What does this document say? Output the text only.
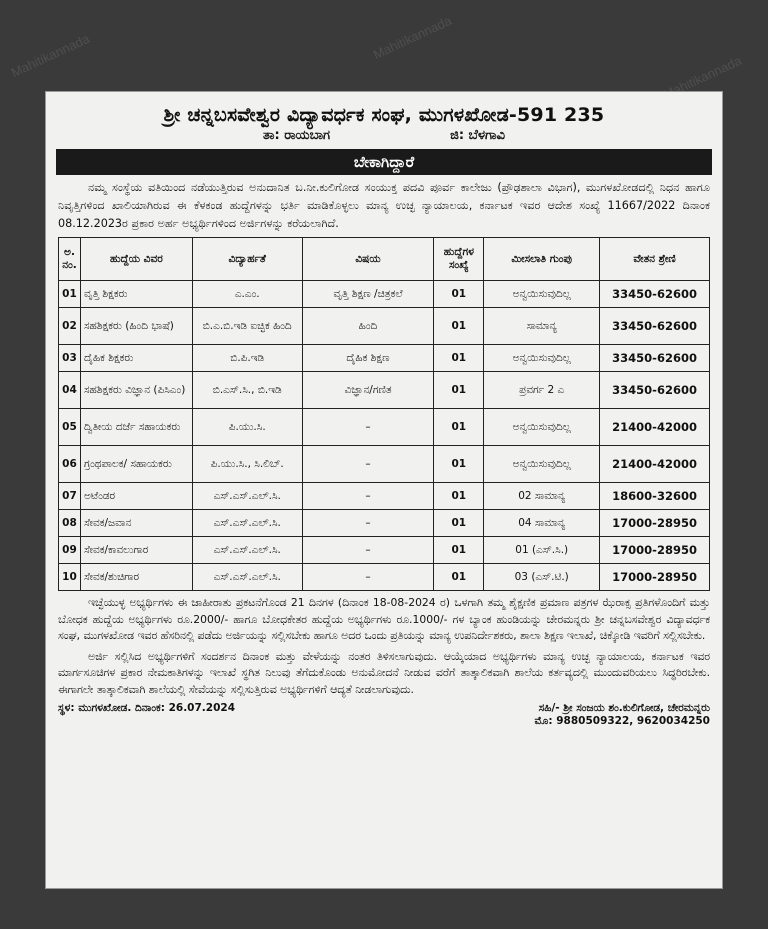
Mahitikannada	Mahitikannada
Mahitikannada
ಶ್ರೀ ಚನ್ನಬಸವೇಶ್ವರ ವಿದ್ಯಾವರ್ಧಕ ಸಂಘ, ಮುಗಳಖೋಡ-591 235
ತಾ: ರಾಯಬಾಗ	ಜಿ: ಬೆಳಗಾವಿ
ಬೇಕಾಗಿದ್ದಾರೆ
ನಮ್ಮ ಸಂಸ್ಥೆಯ ವತಿಯಿಂದ ನಡೆಯುತ್ತಿರುವ ಅನುದಾನಿತ ಬ.ನೀ.ಕುಲಿಗೋಡ ಸಂಯುಕ್ತ ಪದವಿ ಪೂರ್ವ ಕಾಲೇಜು (ಪ್ರೌಢಶಾಲಾ ವಿಭಾಗ), ಮುಗಳಖೋಡದಲ್ಲಿ ನಿಧನ ಹಾಗೂ ನಿವೃತ್ತಿಗಳಿಂದ ಖಾಲಿಯಾಗಿರುವ ಈ ಕೆಳಕಂಡ ಹುದ್ದೆಗಳನ್ನು ಭರ್ತಿ ಮಾಡಿಕೊಳ್ಳಲು ಮಾನ್ಯ ಉಚ್ಛ ನ್ಯಾಯಾಲಯ, ಕರ್ನಾಟಕ ಇವರ ಆದೇಶ ಸಂಖ್ಯೆ 11667/2022 ದಿನಾಂಕ 08.12.2023ರ ಪ್ರಕಾರ ಅರ್ಹ ಅಭ್ಯರ್ಥಿಗಳಿಂದ ಅರ್ಜಿಗಳನ್ನು ಕರೆಯಲಾಗಿದೆ.
ಅ. ನಂ.	ಹುದ್ದೆಯ ವಿವರ	ವಿದ್ಯಾರ್ಹತೆ	ವಿಷಯ	ಹುದ್ದೆಗಳ ಸಂಖ್ಯೆ	ಮೀಸಲಾತಿ ಗುಂಪು	ವೇತನ ಶ್ರೇಣಿ
01	ವೃತ್ತಿ ಶಿಕ್ಷಕರು	ಎ.ಎಂ.	ವೃತ್ತಿ ಶಿಕ್ಷಣ /ಚಿತ್ರಕಲೆ	01	ಅನ್ವಯಿಸುವುದಿಲ್ಲ	33450-62600
02	ಸಹಶಿಕ್ಷಕರು (ಹಿಂದಿ ಭಾಷೆ)	ಬಿ.ಎ.ಬಿ.ಇಡಿ ಐಚ್ಛಿಕ ಹಿಂದಿ	ಹಿಂದಿ	01	ಸಾಮಾನ್ಯ	33450-62600
03	ದೈಹಿಕ ಶಿಕ್ಷಕರು	ಬಿ.ಪಿ.ಇಡಿ	ದೈಹಿಕ ಶಿಕ್ಷಣ	01	ಅನ್ವಯಿಸುವುದಿಲ್ಲ	33450-62600
04	ಸಹಶಿಕ್ಷಕರು ವಿಜ್ಞಾನ (ಪಿಸಿಎಂ)	ಬಿ.ಎಸ್.ಸಿ., ಬಿ.ಇಡಿ	ವಿಜ್ಞಾನ/ಗಣಿತ	01	ಪ್ರವರ್ಗ 2 ಎ	33450-62600
05	ದ್ವಿತೀಯ ದರ್ಜೆ ಸಹಾಯಕರು	ಪಿ.ಯು.ಸಿ.	–	01	ಅನ್ವಯಿಸುವುದಿಲ್ಲ	21400-42000
06	ಗ್ರಂಥಪಾಲಕ/ ಸಹಾಯಕರು	ಪಿ.ಯು.ಸಿ., ಸಿ.ಲಿಬ್.	–	01	ಅನ್ವಯಿಸುವುದಿಲ್ಲ	21400-42000
07	ಅಟೆಂಡರ	ಎಸ್.ಎಸ್.ಎಲ್.ಸಿ.	–	01	02 ಸಾಮಾನ್ಯ	18600-32600
08	ಸೇವಕ/ಜವಾನ	ಎಸ್.ಎಸ್.ಎಲ್.ಸಿ.	–	01	04 ಸಾಮಾನ್ಯ	17000-28950
09	ಸೇವಕ/ಕಾವಲುಗಾರ	ಎಸ್.ಎಸ್.ಎಲ್.ಸಿ.	–	01	01 (ಎಸ್.ಸಿ.)	17000-28950
10	ಸೇವಕ/ಶುಚಿಗಾರ	ಎಸ್.ಎಸ್.ಎಲ್.ಸಿ.	–	01	03 (ಎಸ್.ಟಿ.)	17000-28950
ಇಚ್ಛೆಯುಳ್ಳ ಅಭ್ಯರ್ಥಿಗಳು ಈ ಜಾಹೀರಾತು ಪ್ರಕಟನೆಗೊಂಡ 21 ದಿನಗಳ (ದಿನಾಂಕ 18-08-2024 ರ) ಒಳಗಾಗಿ ತಮ್ಮ ಶೈಕ್ಷಣಿಕ ಪ್ರಮಾಣ ಪತ್ರಗಳ ಝೆರಾಕ್ಸ ಪ್ರತಿಗಳೊಂದಿಗೆ ಮತ್ತು ಬೋಧಕ ಹುದ್ದೆಯ ಅಭ್ಯರ್ಥಿಗಳು ರೂ.2000/- ಹಾಗೂ ಬೋಧಕೇತರ ಹುದ್ದೆಯ ಅಭ್ಯರ್ಥಿಗಳು ರೂ.1000/- ಗಳ ಬ್ಯಾಂಕ ಹುಂಡಿಯನ್ನು ಚೇರಮನ್ನರು ಶ್ರೀ ಚನ್ನಬಸವೇಶ್ವರ ವಿದ್ಯಾವರ್ಧಕ ಸಂಘ, ಮುಗಳಖೋಡ ಇವರ ಹೆಸರಿನಲ್ಲಿ ಪಡೆದು ಅರ್ಜಿಯನ್ನು ಸಲ್ಲಿಸಬೇಕು ಹಾಗೂ ಅದರ ಒಂದು ಪ್ರತಿಯನ್ನು ಮಾನ್ಯ ಉಪನಿರ್ದೇಶಕರು, ಶಾಲಾ ಶಿಕ್ಷಣ ಇಲಾಖೆ, ಚಿಕ್ಕೋಡಿ ಇವರಿಗೆ ಸಲ್ಲಿಸಬೇಕು.
ಅರ್ಜಿ ಸಲ್ಲಿಸಿದ ಅಭ್ಯರ್ಥಿಗಳಿಗೆ ಸಂದರ್ಶನ ದಿನಾಂಕ ಮತ್ತು ವೇಳೆಯನ್ನು ನಂತರ ತಿಳಿಸಲಾಗುವುದು. ಆಯ್ಕೆಯಾದ ಅಭ್ಯರ್ಥಿಗಳು ಮಾನ್ಯ ಉಚ್ಛ ನ್ಯಾಯಾಲಯ, ಕರ್ನಾಟಕ ಇವರ ಮಾರ್ಗಸೂಚಿಗಳ ಪ್ರಕಾರ ನೇಮಕಾತಿಗಳನ್ನು ಇಲಾಖೆ ಸ್ಥಗಿತ ನಿಲುವು ತೆಗೆದುಕೊಂಡು ಅನುಮೋದನೆ ನೀಡುವ ವರೆಗೆ ತಾತ್ಕಾಲಿಕವಾಗಿ ಶಾಲೆಯ ಕರ್ತವ್ಯದಲ್ಲಿ ಮುಂದುವರಿಯಲು ಸಿದ್ಧರಿರಬೇಕು. ಈಗಾಗಲೇ ತಾತ್ಕಾಲಿಕವಾಗಿ ಶಾಲೆಯಲ್ಲಿ ಸೇವೆಯನ್ನು ಸಲ್ಲಿಸುತ್ತಿರುವ ಅಭ್ಯರ್ಥಿಗಳಿಗೆ ಆದ್ಯತೆ ನೀಡಲಾಗುವುದು.
ಸ್ಥಳ: ಮುಗಳಖೋಡ. ದಿನಾಂಕ: 26.07.2024	ಸಹಿ/- ಶ್ರೀ ಸಂಜಯ ಶಂ.ಕುಲಿಗೋಡ, ಚೇರಮನ್ನರು
ಮೊ: 9880509322, 9620034250
